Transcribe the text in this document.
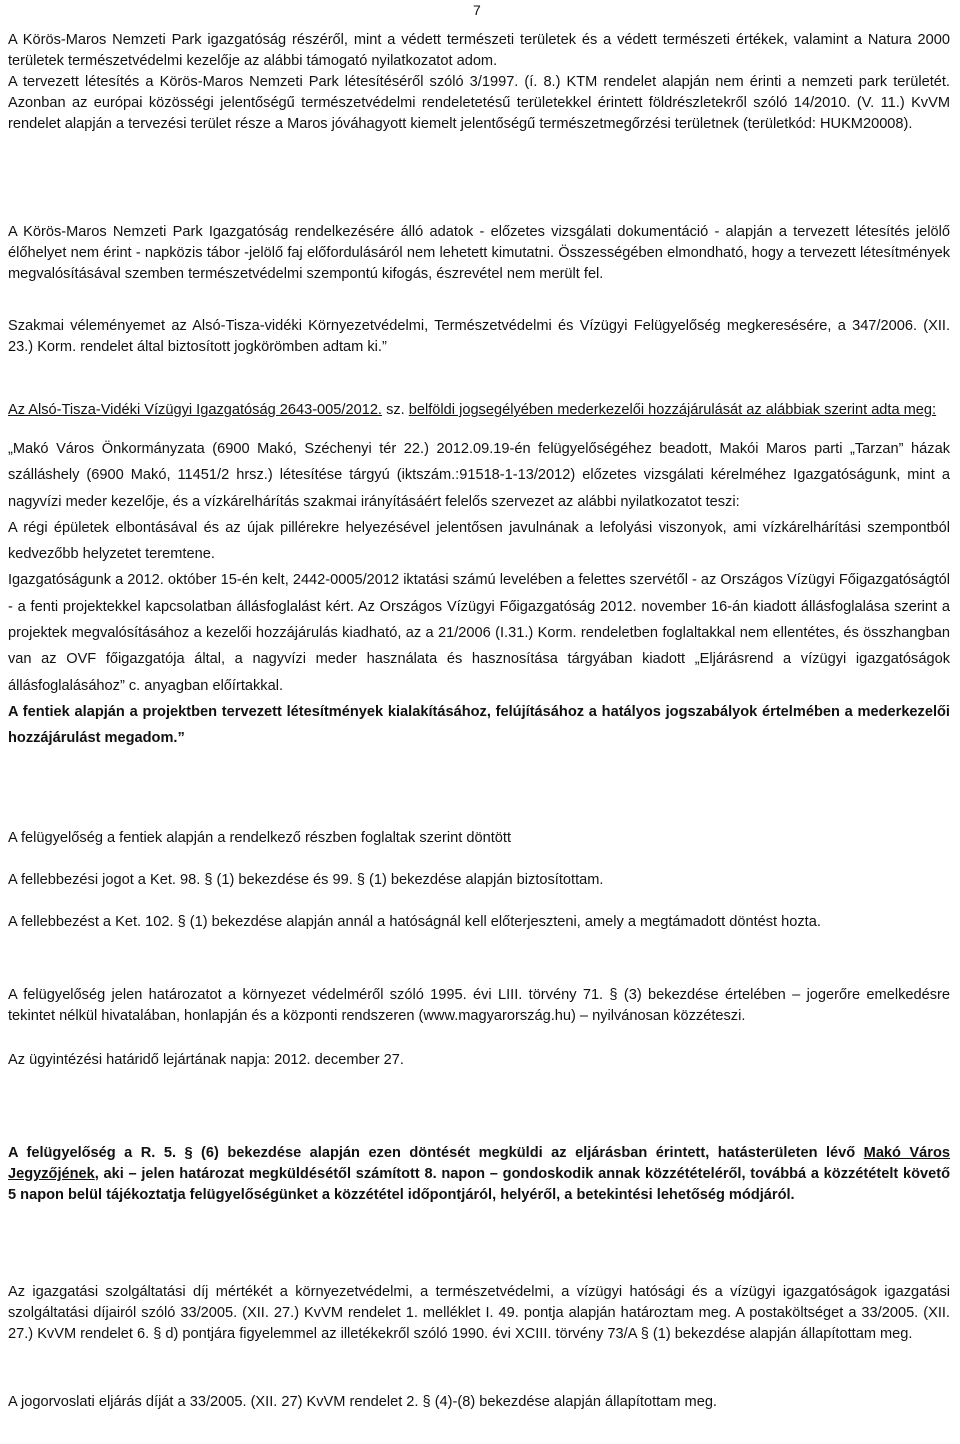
7

A Körös-Maros Nemzeti Park igazgatóság részéről, mint a védett természeti területek és a védett természeti értékek, valamint a Natura 2000 területek természetvédelmi kezelője az alábbi támogató nyilatkozatot adom.

A tervezett létesítés a Körös-Maros Nemzeti Park létesítéséről szóló 3/1997. (í. 8.) KTM rendelet alapján nem érinti a nemzeti park területét. Azonban az európai közösségi jelentőségű természetvédelmi rendeletetésű területekkel érintett földrészletekről szóló 14/2010. (V. 11.) KvVM rendelet alapján a tervezési terület része a Maros jóváhagyott kiemelt jelentőségű természetmegőrzési területnek (területkód: HUKM20008).

A Körös-Maros Nemzeti Park Igazgatóság rendelkezésére álló adatok - előzetes vizsgálati dokumentáció - alapján a tervezett létesítés jelölő élőhelyet nem érint - napközis tábor -jelölő faj előfordulásáról nem lehetett kimutatni. Összességében elmondható, hogy a tervezett létesítmények megvalósításával szemben természetvédelmi szempontú kifogás, észrevétel nem merült fel.

Szakmai véleményemet az Alsó-Tisza-vidéki Környezetvédelmi, Természetvédelmi és Vízügyi Felügyelőség megkeresésére, a 347/2006. (XII. 23.) Korm. rendelet által biztosított jogkörömben adtam ki.”

Az Alsó-Tisza-Vidéki Vízügyi Igazgatóság 2643-005/2012. sz. belföldi jogsegélyében mederkezelői hozzájárulását az alábbiak szerint adta meg:

„Makó Város Önkormányzata (6900 Makó, Széchenyi tér 22.) 2012.09.19-én felügyelőségéhez beadott, Makói Maros parti „Tarzan” házak szálláshely (6900 Makó, 11451/2 hrsz.) létesítése tárgyú (iktszám.:91518-1-13/2012) előzetes vizsgálati kérelméhez Igazgatóságunk, mint a nagyvízi meder kezelője, és a vízkárelhárítás szakmai irányításáért felelős szervezet az alábbi nyilatkozatot teszi:

A régi épületek elbontásával és az újak pillérekre helyezésével jelentősen javulnának a lefolyási viszonyok, ami vízkárelhárítási szempontból kedvezőbb helyzetet teremtene.

Igazgatóságunk a 2012. október 15-én kelt, 2442-0005/2012 iktatási számú levelében a felettes szervétől - az Országos Vízügyi Főigazgatóságtól - a fenti projektekkel kapcsolatban állásfoglalást kért. Az Országos Vízügyi Főigazgatóság 2012. november 16-án kiadott állásfoglalása szerint a projektek megvalósításához a kezelői hozzájárulás kiadható, az a 21/2006 (I.31.) Korm. rendeletben foglaltakkal nem ellentétes, és összhangban van az OVF főigazgatója által, a nagyvízi meder használata és hasznosítása tárgyában kiadott „Eljárásrend a vízügyi igazgatóságok állásfoglalásához” c. anyagban előírtakkal.

A fentiek alapján a projektben tervezett létesítmények kialakításához, felújításához a hatályos jogszabályok értelmében a mederkezelői hozzájárulást megadom.”

A felügyelőség a fentiek alapján a rendelkező részben foglaltak szerint döntött

A fellebbezési jogot a Ket. 98. § (1) bekezdése és 99. § (1) bekezdése alapján biztosítottam.

A fellebbezést a Ket. 102. § (1) bekezdése alapján annál a hatóságnál kell előterjeszteni, amely a megtámadott döntést hozta.

A felügyelőség jelen határozatot a környezet védelméről szóló 1995. évi LIII. törvény 71. § (3) bekezdése értelében – jogerőre emelkedésre tekintet nélkül hivatalában, honlapján és a központi rendszeren (www.magyarország.hu) – nyilvánosan közzéteszi.

Az ügyintézési határidő lejártának napja: 2012. december 27.

A felügyelőség a R. 5. § (6) bekezdése alapján ezen döntését megküldi az eljárásban érintett, hatásterületen lévő Makó Város Jegyzőjének, aki – jelen határozat megküldésétől számított 8. napon – gondoskodik annak közzétételéről, továbbá a közzétételt követő 5 napon belül tájékoztatja felügyelőségünket a közzététel időpontjáról, helyéről, a betekintési lehetőség módjáról.

Az igazgatási szolgáltatási díj mértékét a környezetvédelmi, a természetvédelmi, a vízügyi hatósági és a vízügyi igazgatóságok igazgatási szolgáltatási díjairól szóló 33/2005. (XII. 27.) KvVM rendelet 1. melléklet I. 49. pontja alapján határoztam meg. A postaköltséget a 33/2005. (XII. 27.) KvVM rendelet 6. § d) pontjára figyelemmel az illetékekről szóló 1990. évi XCIII. törvény 73/A § (1) bekezdése alapján állapítottam meg.

A jogorvoslati eljárás díját a 33/2005. (XII. 27) KvVM rendelet 2. § (4)-(8) bekezdése alapján állapítottam meg.
